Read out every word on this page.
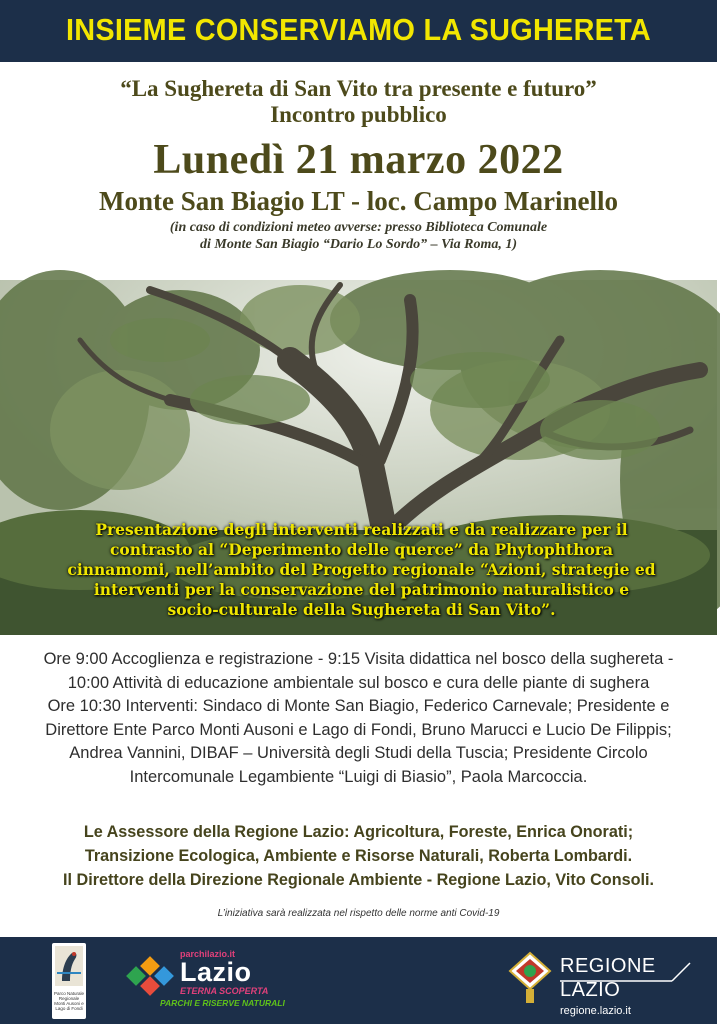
INSIEME CONSERVIAMO LA SUGHERETA
“La Sughereta di San Vito tra presente e futuro”
Incontro pubblico
Lunedì 21 marzo 2022
Monte San Biagio LT - loc. Campo Marinello
(in caso di condizioni meteo avverse: presso Biblioteca Comunale
di Monte San Biagio “Dario Lo Sordo” – Via Roma, 1)
Presentazione degli interventi realizzati e da realizzare per il
contrasto al “Deperimento delle querce” da Phytophthora
cinnamomi, nell’ambito del Progetto regionale “Azioni, strategie ed
interventi per la conservazione del patrimonio naturalistico e
socio-culturale della Sughereta di San Vito”.
Foto Paola Marcoccia - Sughereta monumentale di San Vito

Ore 9:00 Accoglienza e registrazione - 9:15 Visita didattica nel bosco della sughereta -

10:00 Attività di educazione ambientale sul bosco e cura delle piante di sughera

Ore 10:30 Interventi: Sindaco di Monte San Biagio, Federico Carnevale; Presidente e

Direttore Ente Parco Monti Ausoni e Lago di Fondi, Bruno Marucci e Lucio De Filippis;

Andrea Vannini, DIBAF – Università degli Studi della Tuscia; Presidente Circolo

Intercomunale Legambiente “Luigi di Biasio”, Paola Marcoccia.

Le Assessore della Regione Lazio: Agricoltura, Foreste, Enrica Onorati;

Transizione Ecologica, Ambiente e Risorse Naturali, Roberta Lombardi.

Il Direttore della Direzione Regionale Ambiente - Regione Lazio, Vito Consoli.

L’iniziativa sarà realizzata nel rispetto delle norme anti Covid-19
Parco Naturale Regionale Monti Ausoni e Lago di Fondi
parchilazio.it
Lazio
ETERNA SCOPERTA
PARCHI E RISERVE NATURALI
REGIONE
LAZIO
regione.lazio.it
